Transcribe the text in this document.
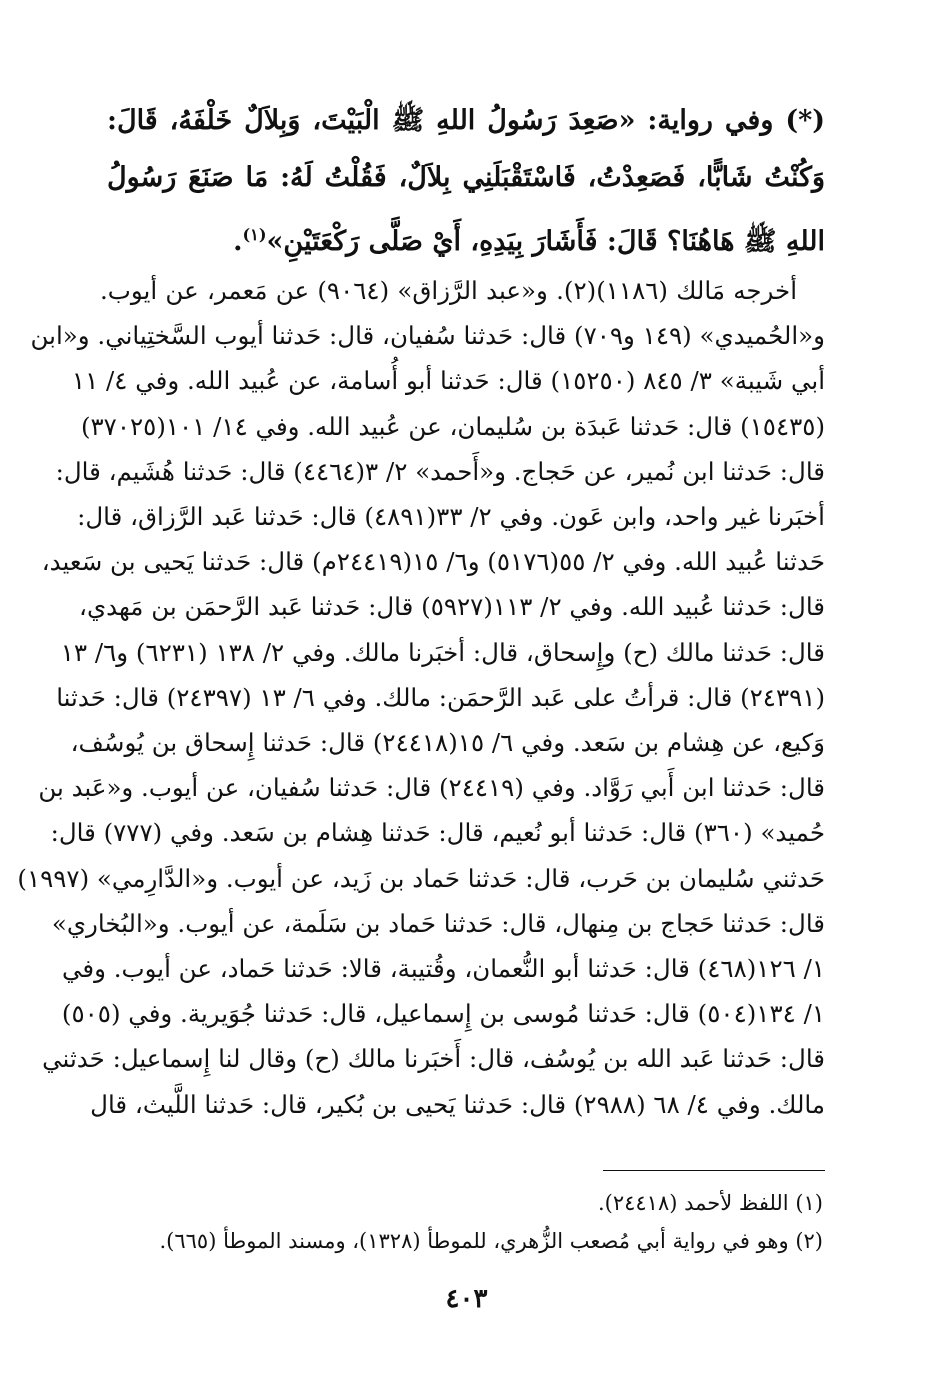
(*) وفي رواية: «صَعِدَ رَسُولُ اللهِ ﷺ الْبَيْتَ، وَبِلاَلٌ خَلْفَهُ، قَالَ: وَكُنْتُ شَابًّا، فَصَعِدْتُ، فَاسْتَقْبَلَنِي بِلاَلٌ، فَقُلْتُ لَهُ: مَا صَنَعَ رَسُولُ اللهِ ﷺ هَاهُنَا؟ قَالَ: فَأَشَارَ بِيَدِهِ، أَيْ صَلَّى رَكْعَتَيْنِ»$^{(١)}$.

أخرجه مَالك (١١٨٦)(٢). و«عبد الرَّزاق» (٩٠٦٤) عن مَعمر، عن أيوب.
و«الحُميدي» (١٤٩ و٧٠٩) قال: حَدثنا سُفيان، قال: حَدثنا أيوب السَّختِياني. و«ابن
أبي شَيبة» ٣/ ٨٤٥ (١٥٢٥٠) قال: حَدثنا أبو أُسامة، عن عُبيد الله. وفي ٤/ ١١
(١٥٤٣٥) قال: حَدثنا عَبدَة بن سُليمان، عن عُبيد الله. وفي ١٤/ ١٠١(٣٧٠٢٥)
قال: حَدثنا ابن نُمير، عن حَجاج. و«أَحمد» ٢/ ٣(٤٤٦٤) قال: حَدثنا هُشَيم، قال:
أخبَرنا غير واحد، وابن عَون. وفي ٢/ ٣٣(٤٨٩١) قال: حَدثنا عَبد الرَّزاق، قال:
حَدثنا عُبيد الله. وفي ٢/ ٥٥(٥١٧٦) و٦/ ١٥(٢٤٤١٩م) قال: حَدثنا يَحيى بن سَعيد،
قال: حَدثنا عُبيد الله. وفي ٢/ ١١٣(٥٩٢٧) قال: حَدثنا عَبد الرَّحمَن بن مَهدي،
قال: حَدثنا مالك (ح) وإِسحاق، قال: أخبَرنا مالك. وفي ٢/ ١٣٨ (٦٢٣١) و٦/ ١٣
(٢٤٣٩١) قال: قرأتُ على عَبد الرَّحمَن: مالك. وفي ٦/ ١٣ (٢٤٣٩٧) قال: حَدثنا
وَكيع، عن هِشام بن سَعد. وفي ٦/ ١٥(٢٤٤١٨) قال: حَدثنا إِسحاق بن يُوسُف،
قال: حَدثنا ابن أَبي رَوَّاد. وفي (٢٤٤١٩) قال: حَدثنا سُفيان، عن أيوب. و«عَبد بن
حُميد» (٣٦٠) قال: حَدثنا أبو نُعيم، قال: حَدثنا هِشام بن سَعد. وفي (٧٧٧) قال:
حَدثني سُليمان بن حَرب، قال: حَدثنا حَماد بن زَيد، عن أيوب. و«الدَّارِمي» (١٩٩٧)
قال: حَدثنا حَجاج بن مِنهال، قال: حَدثنا حَماد بن سَلَمة، عن أيوب. و«البُخاري»
١/ ١٢٦(٤٦٨) قال: حَدثنا أبو النُّعمان، وقُتيبة، قالا: حَدثنا حَماد، عن أيوب. وفي
١/ ١٣٤(٥٠٤) قال: حَدثنا مُوسى بن إِسماعيل، قال: حَدثنا جُوَيرية. وفي (٥٠٥)
قال: حَدثنا عَبد الله بن يُوسُف، قال: أَخبَرنا مالك (ح) وقال لنا إِسماعيل: حَدثني
مالك. وفي ٤/ ٦٨ (٢٩٨٨) قال: حَدثنا يَحيى بن بُكير، قال: حَدثنا اللَّيث، قال
(١) اللفظ لأحمد (٢٤٤١٨).
(٢) وهو في رواية أبي مُصعب الزُّهري، للموطأ (١٣٢٨)، ومسند الموطأ (٦٦٥).
٤٠٣
